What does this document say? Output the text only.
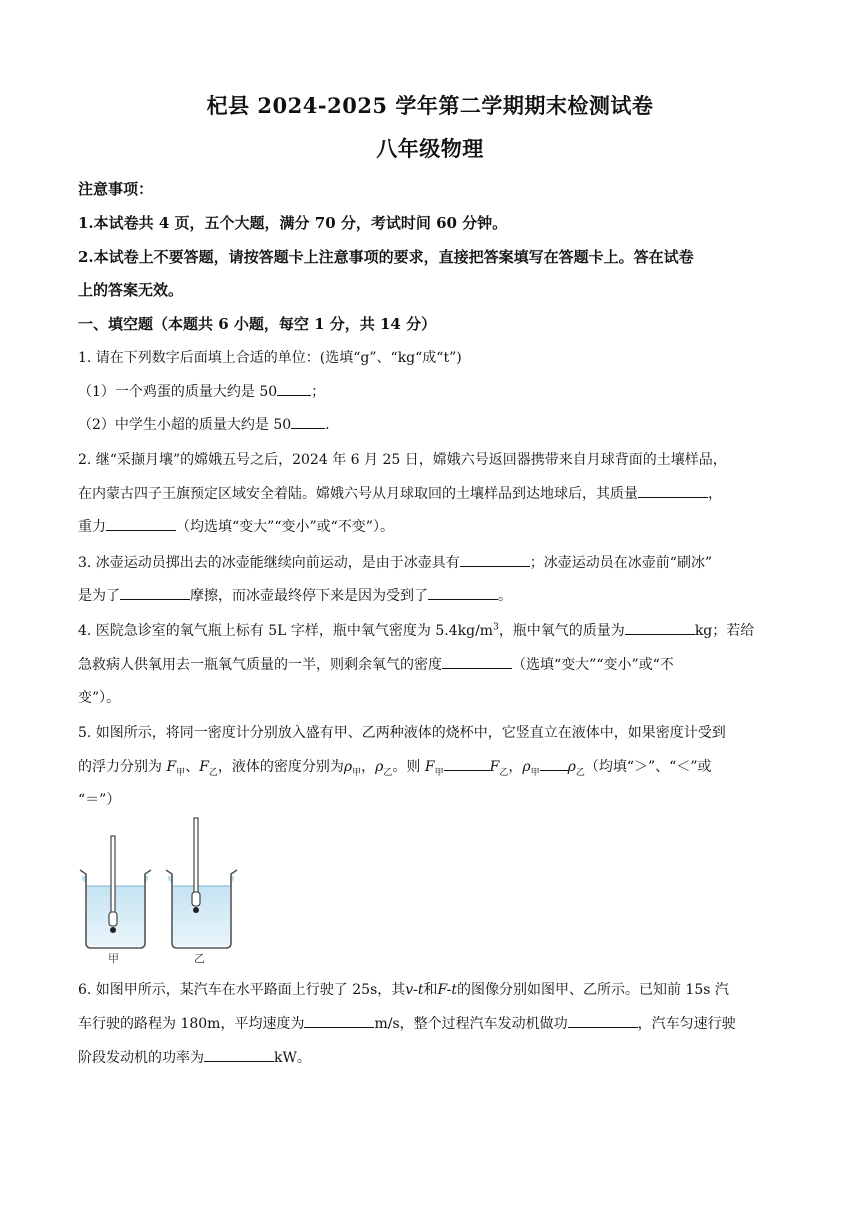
杞县 2024-2025 学年第二学期期末检测试卷
八年级物理
注意事项：
1.本试卷共 4 页，五个大题，满分 70 分，考试时间 60 分钟。
2.本试卷上不要答题，请按答题卡上注意事项的要求，直接把答案填写在答题卡上。答在试卷
上的答案无效。
一、填空题（本题共 6 小题，每空 1 分，共 14 分）
1. 请在下列数字后面填上合适的单位：(选填“g”、“kg“成“t”)
（1）一个鸡蛋的质量大约是 50 ；
（2）中学生小超的质量大约是 50 .
2. 继“采撷月壤”的嫦娥五号之后，2024 年 6 月 25 日，嫦娥六号返回器携带来自月球背面的土壤样品，
在内蒙古四子王旗预定区域安全着陆。嫦娥六号从月球取回的土壤样品到达地球后，其质量	，
重力	（均选填“变大”“变小”或“不变”）。
3. 冰壶运动员掷出去的冰壶能继续向前运动，是由于冰壶具有	；冰壶运动员在冰壶前“刷冰”
是为了	摩擦，而冰壶最终停下来是因为受到了	。
4. 医院急诊室的氧气瓶上标有 5L 字样，瓶中氧气密度为 $5.4kg/m^3$，瓶中氧气的质量为	kg；若给
急救病人供氧用去一瓶氧气质量的一半，则剩余氧气的密度	（选填“变大”“变小”或“不
变”）。
5. 如图所示，将同一密度计分别放入盛有甲、乙两种液体的烧杯中，它竖直立在液体中，如果密度计受到
的浮力分别为 $F_甲$、$F_乙$，液体的密度分别为$\rho_甲$，$\rho_乙$。则 $F_甲$	$F_乙$，$\rho_甲$ $\rho_乙$（均填“＞”、“＜”或
“＝”）
甲	乙
6. 如图甲所示，某汽车在水平路面上行驶了 25s，其v-t和F-t的图像分别如图甲、乙所示。已知前 15s 汽
车行驶的路程为 180m，平均速度为	m/s，整个过程汽车发动机做功	，汽车匀速行驶
阶段发动机的功率为	kW。
